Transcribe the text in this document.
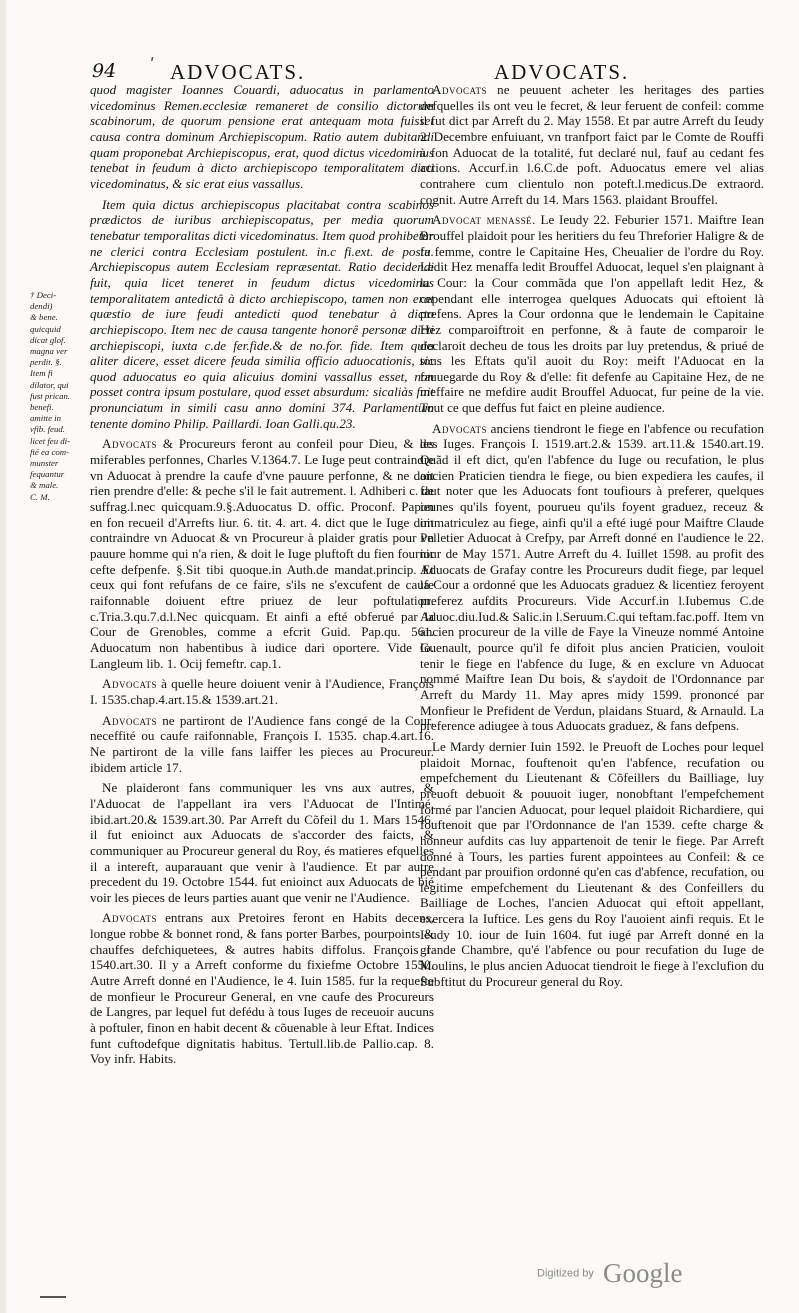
94 ʹ ADVOCATS.	ADVOCATS.
† Deci-
dendi)
& bene.
quicquid
dicat glof.
magna ver
perdit. §.
Item fi
dilator, qui
fust prican.
benefi.
amitte in
vfib. feud.
licet feu di-
fté ea com-
munster
fequantur
& male.
C. M.

quod magister Ioannes Couardi, aduocatus in parlamento vicedominus Remen.ecclesiæ remaneret de consilio dictorum scabinorum, de quorum pensione erat antequam mota fuisset causa contra dominum Archiepiscopum. Ratio autem dubitandi quam proponebat Archiepiscopus, erat, quod dictus vicedominus tenebat in feudum à dicto archiepiscopo temporalitatem dicti vicedominatus, & sic erat eius vassallus.

Item quia dictus archiepiscopus placitabat contra scabinos prædictos de iuribus archiepiscopatus, per media quorum tenebatur temporalitas dicti vicedominatus. Item quod prohibetur ne clerici contra Ecclesiam postulent. in.c fi.ext. de postu. Archiepiscopus autem Ecclesiam repræsentat. Ratio decidendi fuit, quia licet teneret in feudum dictus vicedominus temporalitatem antedictâ à dicto archiepiscopo, tamen non erat quæstio de iure feudi antedicti quod tenebatur à dicto archiepiscopo. Item nec de causa tangente honorê personæ dicti archiepiscopi, iuxta c.de fer.fide.& de no.for. fide. Item quia aliter dicere, esset dicere feuda similia officio aduocationis, sic quod aduocatus eo quia alicuius domini vassallus esset, non posset contra ipsum postulare, quod esset absurdum: sicaliàs fuit pronunciatum in simili casu anno domini 374. Parlamentum tenente domino Philip. Paillardi. Ioan Galli.qu.23.

Advocats & Procureurs feront au confeil pour Dieu, & les miferables perfonnes, Charles V.1364.7. Le Iuge peut contraindre vn Aduocat à prendre la caufe d'vne pauure perfonne, & ne doit rien prendre d'elle: & peche s'il le fait autrement. l. Adhiberi c. de suffrag.l.nec quicquam.9.§.Aduocatus D. offic. Proconf. Papon en fon recueil d'Arrefts liur. 6. tit. 4. art. 4. dict que le Iuge doit contraindre vn Aduocat & vn Procureur à plaider gratis pour vn pauure homme qui n'a rien, & doit le Iuge pluftoft du fien fournir cefte defpenfe. §.Sit tibi quoque.in Auth.de mandat.princip. Et ceux qui font refufans de ce faire, s'ils ne s'excufent de caufe raifonnable doiuent eftre priuez de leur poftulation. c.Tria.3.qu.7.d.l.Nec quicquam. Et ainfi a efté obferué par la Cour de Grenobles, comme a efcrit Guid. Pap.qu. 561. Aduocatum non habentibus à iudice dari oportere. Vide Io. Langleum lib. 1. Ocij femeftr. cap.1.

Advocats à quelle heure doiuent venir à l'Audience, François I. 1535.chap.4.art.15.& 1539.art.21.

Advocats ne partiront de l'Audience fans congé de la Cour, neceffité ou caufe raifonnable, François I. 1535. chap.4.art.16. Ne partiront de la ville fans laiffer les pieces au Procureur. ibidem article 17.

Ne plaideront fans communiquer les vns aux autres, & l'Aduocat de l'appellant ira vers l'Aduocat de l'Intimé, ibid.art.20.& 1539.art.30. Par Arreft du Cõfeil du 1. Mars 1546. il fut enioinct aux Aduocats de s'accorder des faicts, & communiquer au Procureur general du Roy, és matieres efquelles il a intereft, auparauant que venir à l'audience. Et par autre precedent du 19. Octobre 1544. fut enioinct aux Aduocats de bié voir les pieces de leurs parties auant que venir ne l'Audience.

Advocats entrans aux Pretoires feront en Habits decens, longue robbe & bonnet rond, & fans porter Barbes, pourpoints & chauffes defchiquetees, & autres habits diffolus. François I. 1540.art.30. Il y a Arreft conforme du fixiefme Octobre 1550. Autre Arreft donné en l'Audience, le 4. Iuin 1585. fur la requefte de monfieur le Procureur General, en vne caufe des Procureurs de Langres, par lequel fut defédu à tous Iuges de receuoir aucuns à poftuler, finon en habit decent & cõuenable à leur Eftat. Indices funt cuftodefque dignitatis habitus. Tertull.lib.de Pallio.cap. 8. Voy infr. Habits.

Advocats ne peuuent acheter les heritages des parties defquelles ils ont veu le fecret, & leur feruent de confeil: comme il fut dict par Arreft du 2. May 1558. Et par autre Arreft du Ieudy 2. Decembre enfuiuant, vn tranfport faict par le Comte de Rouffi à fon Aduocat de la totalité, fut declaré nul, fauf au cedant fes actions. Accurf.in l.6.C.de poft. Aduocatus emere vel alias contrahere cum clientulo non poteft.l.medicus.De extraord. cognit. Autre Arreft du 14. Mars 1563. plaidant Brouffel.

Advocat menassé. Le Ieudy 22. Feburier 1571. Maiftre Iean Brouffel plaidoit pour les heritiers du feu Threforier Haligre & de fa femme, contre le Capitaine Hes, Cheualier de l'ordre du Roy. Ledit Hez menaffa ledit Brouffel Aduocat, lequel s'en plaignant à la Cour: la Cour commãda que l'on appellaft ledit Hez, & cependant elle interrogea quelques Aduocats qui eftoient là prefens. Apres la Cour ordonna que le lendemain le Capitaine Hez comparoiftroit en perfonne, & à faute de comparoir le declaroit decheu de tous les droits par luy pretendus, & priué de tous les Eftats qu'il auoit du Roy: meift l'Aduocat en la fauuegarde du Roy & d'elle: fit defenfe au Capitaine Hez, de ne meffaire ne mefdire audit Brouffel Aduocat, fur peine de la vie. Tout ce que deffus fut faict en pleine audience.

Advocats anciens tiendront le fiege en l'abfence ou recufation des Iuges. François I. 1519.art.2.& 1539. art.11.& 1540.art.19. Quãd il eft dict, qu'en l'abfence du Iuge ou recufation, le plus ancien Praticien tiendra le fiege, ou bien expediera les caufes, il faut noter que les Aduocats font toufiours à preferer, quelques ieunes qu'ils foyent, pourueu qu'ils foyent graduez, receuz & immatriculez au fiege, ainfi qu'il a efté iugé pour Maiftre Claude Pelletier Aduocat à Crefpy, par Arreft donné en l'audience le 22. iour de May 1571. Autre Arreft du 4. Iuillet 1598. au profit des Aduocats de Grafay contre les Procureurs dudit fiege, par lequel la Cour a ordonné que les Aduocats graduez & licentiez feroyent preferez aufdits Procureurs. Vide Accurf.in l.Iubemus C.de Aduoc.diu.Iud.& Salic.in l.Seruum.C.qui teftam.fac.poff. Item vn ancien procureur de la ville de Faye la Vineuze nommé Antoine Guenault, pource qu'il fe difoit plus ancien Praticien, vouloit tenir le fiege en l'abfence du Iuge, & en exclure vn Aduocat nommé Maiftre Iean Du bois, & s'aydoit de l'Ordonnance par Arreft du Mardy 11. May apres midy 1599. prononcé par Monfieur le Prefident de Verdun, plaidans Stuard, & Arnauld. La preference adiugee à tous Aduocats graduez, & fans defpens.

Le Mardy dernier Iuin 1592. le Preuoft de Loches pour lequel plaidoit Mornac, fouftenoit qu'en l'abfence, recufation ou empefchement du Lieutenant & Cõfeillers du Bailliage, luy preuoft debuoit & pouuoit iuger, nonobftant l'empefchement formé par l'ancien Aduocat, pour lequel plaidoit Richardiere, qui fouftenoit que par l'Ordonnance de l'an 1539. cefte charge & honneur aufdits cas luy appartenoit de tenir le fiege. Par Arreft donné à Tours, les parties furent appointees au Confeil: & ce pendant par prouifion ordonné qu'en cas d'abfence, recufation, ou legitime empefchement du Lieutenant & des Confeillers du Bailliage de Loches, l'ancien Aduocat qui eftoit appellant, exercera la Iuftice. Les gens du Roy l'auoient ainfi requis. Et le Ieudy 10. iour de Iuin 1604. fut iugé par Arreft donné en la grande Chambre, qu'é l'abfence ou pour recufation du Iuge de Moulins, le plus ancien Aduocat tiendroit le fiege à l'exclufion du Subftitut du Procureur general du Roy.

Digitized by Google
